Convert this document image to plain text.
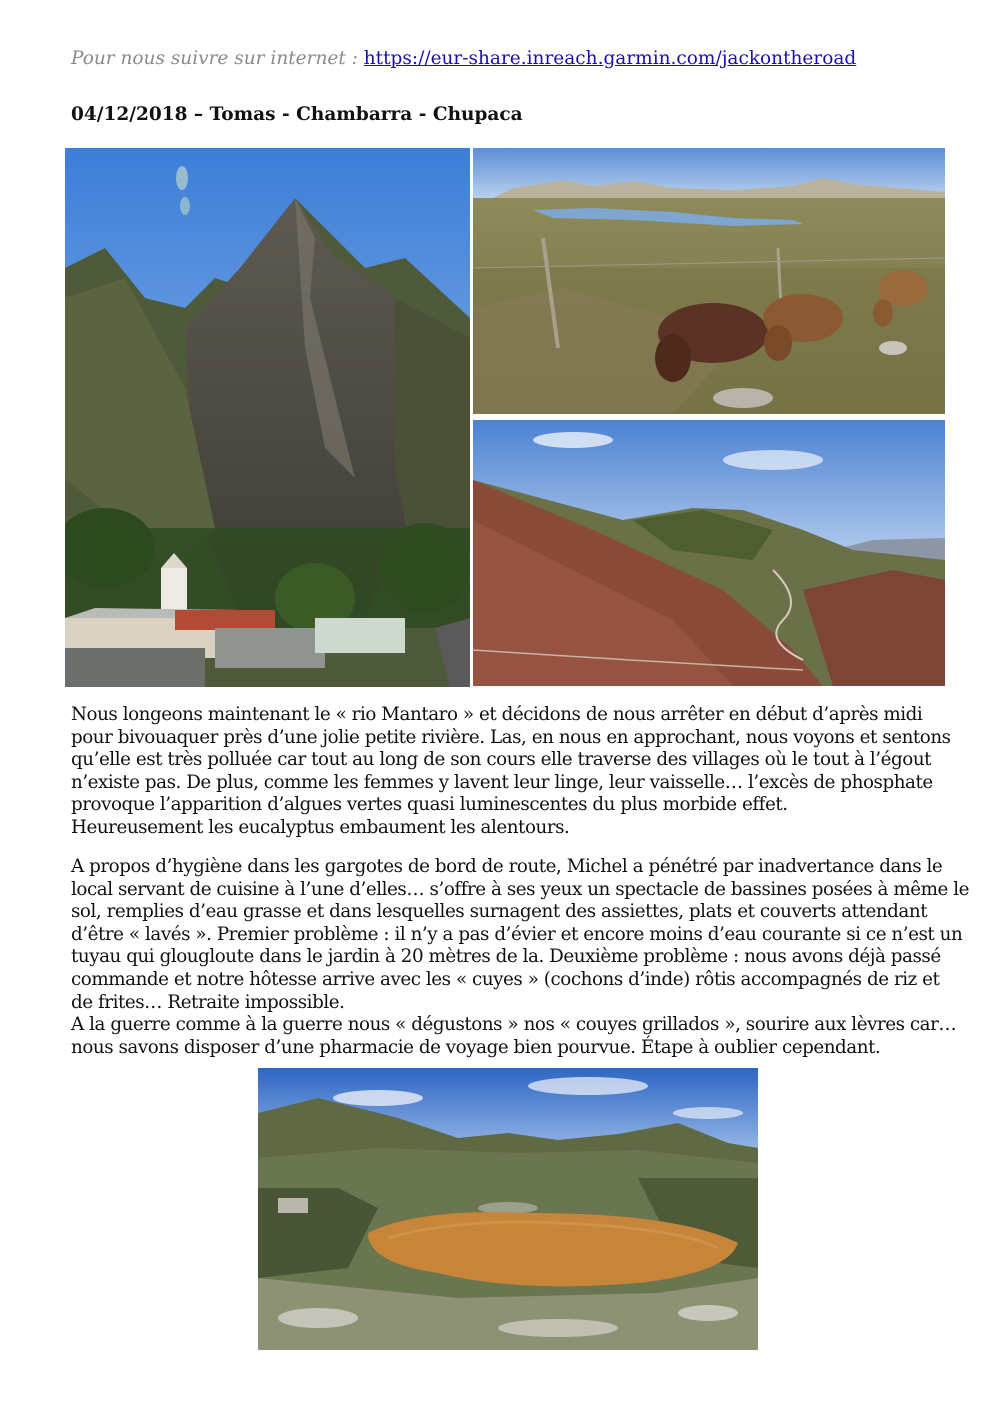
Pour nous suivre sur internet : https://eur-share.inreach.garmin.com/jackontheroad
04/12/2018 – Tomas - Chambarra - Chupaca
Nous longeons maintenant le « rio Mantaro » et décidons de nous arrêter en début d’après midi
pour bivouaquer près d’une jolie petite rivière. Las, en nous en approchant, nous voyons et sentons
qu’elle est très polluée car tout au long de son cours elle traverse des villages où le tout à l’égout
n’existe pas. De plus, comme les femmes y lavent leur linge, leur vaisselle… l’excès de phosphate
provoque l’apparition d’algues vertes quasi luminescentes du plus morbide effet.
Heureusement les eucalyptus embaument les alentours.
A propos d’hygiène dans les gargotes de bord de route, Michel a pénétré par inadvertance dans le
local servant de cuisine à l’une d’elles… s’offre à ses yeux un spectacle de bassines posées à même le
sol, remplies d’eau grasse et dans lesquelles surnagent des assiettes, plats et couverts attendant
d’être « lavés ». Premier problème : il n’y a pas d’évier et encore moins d’eau courante si ce n’est un
tuyau qui glougloute dans le jardin à 20 mètres de la. Deuxième problème : nous avons déjà passé
commande et notre hôtesse arrive avec les « cuyes » (cochons d’inde) rôtis accompagnés de riz et
de frites… Retraite impossible.
A la guerre comme à la guerre nous « dégustons » nos « couyes grillados », sourire aux lèvres car…
nous savons disposer d’une pharmacie de voyage bien pourvue. Étape à oublier cependant.
